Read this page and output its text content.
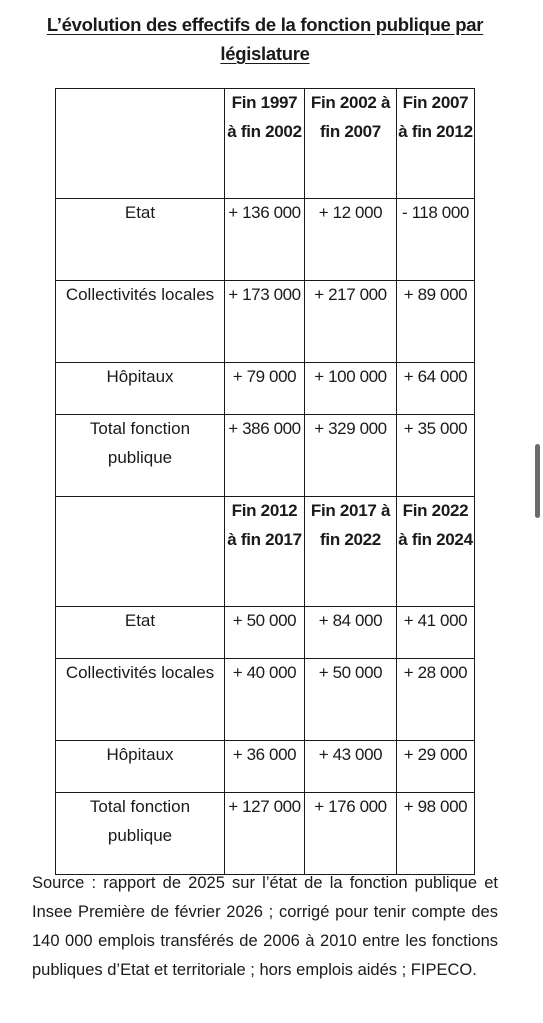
L’évolution des effectifs de la fonction publique par
législature
	Fin 1997 à fin 2002	Fin 2002 à fin 2007	Fin 2007 à fin 2012
Etat	+ 136 000	+ 12 000	- 118 000
Collectivités locales	+ 173 000	+ 217 000	+ 89 000
Hôpitaux	+ 79 000	+ 100 000	+ 64 000
Total fonction publique	+ 386 000	+ 329 000	+ 35 000
	Fin 2012 à fin 2017	Fin 2017 à fin 2022	Fin 2022 à fin 2024
Etat	+ 50 000	+ 84 000	+ 41 000
Collectivités locales	+ 40 000	+ 50 000	+ 28 000
Hôpitaux	+ 36 000	+ 43 000	+ 29 000
Total fonction publique	+ 127 000	+ 176 000	+ 98 000
Source : rapport de 2025 sur l’état de la fonction publique et Insee Première de février 2026 ; corrigé pour tenir compte des 140 000 emplois transférés de 2006 à 2010 entre les fonctions publiques d’Etat et territoriale ; hors emplois aidés ; FIPECO.
